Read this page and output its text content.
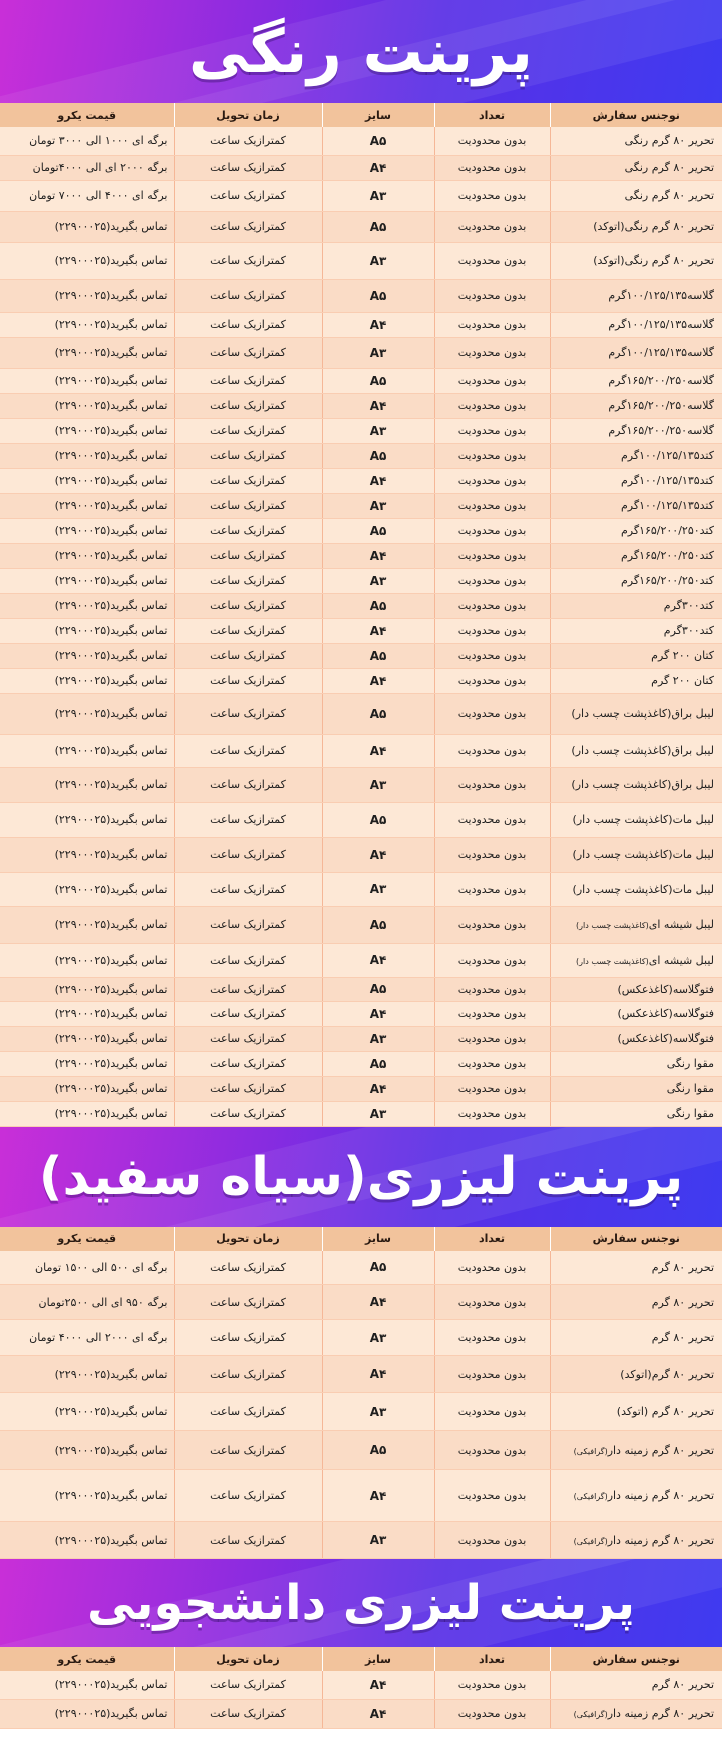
پرینت رنگی
نوجنس سفارش	تعداد	سایز	زمان تحویل	قیمت یکرو
تحریر ۸۰ گرم رنگی	بدون محدودیت	A۵	کمترازیک ساعت	برگه ای ۱۰۰۰ الی ۳۰۰۰ تومان
تحریر ۸۰ گرم رنگی	بدون محدودیت	A۴	کمترازیک ساعت	برگه ۲۰۰۰ ای الی ۴۰۰۰تومان
تحریر ۸۰ گرم رنگی	بدون محدودیت	A۳	کمترازیک ساعت	برگه ای ۴۰۰۰ الی ۷۰۰۰ تومان
تحریر ۸۰ گرم رنگی(اتوکد)	بدون محدودیت	A۵	کمترازیک ساعت	تماس بگیرید(۲۲۹۰۰۰۲۵)
تحریر ۸۰ گرم رنگی(اتوکد)	بدون محدودیت	A۳	کمترازیک ساعت	تماس بگیرید(۲۲۹۰۰۰۲۵)
گلاسه۱۰۰/۱۲۵/۱۳۵گرم	بدون محدودیت	A۵	کمترازیک ساعت	تماس بگیرید(۲۲۹۰۰۰۲۵)
گلاسه۱۰۰/۱۲۵/۱۳۵گرم	بدون محدودیت	A۴	کمترازیک ساعت	تماس بگیرید(۲۲۹۰۰۰۲۵)
گلاسه۱۰۰/۱۲۵/۱۳۵گرم	بدون محدودیت	A۳	کمترازیک ساعت	تماس بگیرید(۲۲۹۰۰۰۲۵)
گلاسه۱۶۵/۲۰۰/۲۵۰گرم	بدون محدودیت	A۵	کمترازیک ساعت	تماس بگیرید(۲۲۹۰۰۰۲۵)
گلاسه۱۶۵/۲۰۰/۲۵۰گرم	بدون محدودیت	A۴	کمترازیک ساعت	تماس بگیرید(۲۲۹۰۰۰۲۵)
گلاسه۱۶۵/۲۰۰/۲۵۰گرم	بدون محدودیت	A۳	کمترازیک ساعت	تماس بگیرید(۲۲۹۰۰۰۲۵)
کتد۱۰۰/۱۲۵/۱۳۵گرم	بدون محدودیت	A۵	کمترازیک ساعت	تماس بگیرید(۲۲۹۰۰۰۲۵)
کتد۱۰۰/۱۲۵/۱۳۵گرم	بدون محدودیت	A۴	کمترازیک ساعت	تماس بگیرید(۲۲۹۰۰۰۲۵)
کتد۱۰۰/۱۲۵/۱۳۵گرم	بدون محدودیت	A۳	کمترازیک ساعت	تماس بگیرید(۲۲۹۰۰۰۲۵)
کتد۱۶۵/۲۰۰/۲۵۰گرم	بدون محدودیت	A۵	کمترازیک ساعت	تماس بگیرید(۲۲۹۰۰۰۲۵)
کتد۱۶۵/۲۰۰/۲۵۰گرم	بدون محدودیت	A۴	کمترازیک ساعت	تماس بگیرید(۲۲۹۰۰۰۲۵)
کتد۱۶۵/۲۰۰/۲۵۰گرم	بدون محدودیت	A۳	کمترازیک ساعت	تماس بگیرید(۲۲۹۰۰۰۲۵)
کتد۳۰۰گرم	بدون محدودیت	A۵	کمترازیک ساعت	تماس بگیرید(۲۲۹۰۰۰۲۵)
کتد۳۰۰گرم	بدون محدودیت	A۴	کمترازیک ساعت	تماس بگیرید(۲۲۹۰۰۰۲۵)
کتان ۲۰۰ گرم	بدون محدودیت	A۵	کمترازیک ساعت	تماس بگیرید(۲۲۹۰۰۰۲۵)
کتان ۲۰۰ گرم	بدون محدودیت	A۴	کمترازیک ساعت	تماس بگیرید(۲۲۹۰۰۰۲۵)
لیبل براق(کاغذپشت چسب دار)	بدون محدودیت	A۵	کمترازیک ساعت	تماس بگیرید(۲۲۹۰۰۰۲۵)
لیبل براق(کاغذپشت چسب دار)	بدون محدودیت	A۴	کمترازیک ساعت	تماس بگیرید(۲۲۹۰۰۰۲۵)
لیبل براق(کاغذپشت چسب دار)	بدون محدودیت	A۳	کمترازیک ساعت	تماس بگیرید(۲۲۹۰۰۰۲۵)
لیبل مات(کاغذپشت چسب دار)	بدون محدودیت	A۵	کمترازیک ساعت	تماس بگیرید(۲۲۹۰۰۰۲۵)
لیبل مات(کاغذپشت چسب دار)	بدون محدودیت	A۴	کمترازیک ساعت	تماس بگیرید(۲۲۹۰۰۰۲۵)
لیبل مات(کاغذپشت چسب دار)	بدون محدودیت	A۳	کمترازیک ساعت	تماس بگیرید(۲۲۹۰۰۰۲۵)
لیبل شیشه ای(کاغذپشت چسب دار)	بدون محدودیت	A۵	کمترازیک ساعت	تماس بگیرید(۲۲۹۰۰۰۲۵)
لیبل شیشه ای(کاغذپشت چسب دار)	بدون محدودیت	A۴	کمترازیک ساعت	تماس بگیرید(۲۲۹۰۰۰۲۵)
فتوگلاسه(کاغذعکس)	بدون محدودیت	A۵	کمترازیک ساعت	تماس بگیرید(۲۲۹۰۰۰۲۵)
فتوگلاسه(کاغذعکس)	بدون محدودیت	A۴	کمترازیک ساعت	تماس بگیرید(۲۲۹۰۰۰۲۵)
فتوگلاسه(کاغذعکس)	بدون محدودیت	A۳	کمترازیک ساعت	تماس بگیرید(۲۲۹۰۰۰۲۵)
مقوا رنگی	بدون محدودیت	A۵	کمترازیک ساعت	تماس بگیرید(۲۲۹۰۰۰۲۵)
مقوا رنگی	بدون محدودیت	A۴	کمترازیک ساعت	تماس بگیرید(۲۲۹۰۰۰۲۵)
مقوا رنگی	بدون محدودیت	A۳	کمترازیک ساعت	تماس بگیرید(۲۲۹۰۰۰۲۵)
پرینت لیزری(سیاه سفید)
نوجنس سفارش	تعداد	سایز	زمان تحویل	قیمت یکرو
تحریر ۸۰ گرم	بدون محدودیت	A۵	کمترازیک ساعت	برگه ای ۵۰۰ الی ۱۵۰۰ تومان
تحریر ۸۰ گرم	بدون محدودیت	A۴	کمترازیک ساعت	برگه ۹۵۰ ای الی ۲۵۰۰تومان
تحریر ۸۰ گرم	بدون محدودیت	A۳	کمترازیک ساعت	برگه ای ۲۰۰۰ الی ۴۰۰۰ تومان
تحریر ۸۰ گرم(اتوکد)	بدون محدودیت	A۴	کمترازیک ساعت	تماس بگیرید(۲۲۹۰۰۰۲۵)
تحریر ۸۰ گرم (اتوکد)	بدون محدودیت	A۳	کمترازیک ساعت	تماس بگیرید(۲۲۹۰۰۰۲۵)
تحریر ۸۰ گرم زمینه دار(گرافیکی)	بدون محدودیت	A۵	کمترازیک ساعت	تماس بگیرید(۲۲۹۰۰۰۲۵)
تحریر ۸۰ گرم زمینه دار(گرافیکی)	بدون محدودیت	A۴	کمترازیک ساعت	تماس بگیرید(۲۲۹۰۰۰۲۵)
تحریر ۸۰ گرم زمینه دار(گرافیکی)	بدون محدودیت	A۳	کمترازیک ساعت	تماس بگیرید(۲۲۹۰۰۰۲۵)
پرینت لیزری دانشجویی
نوجنس سفارش	تعداد	سایز	زمان تحویل	قیمت یکرو
تحریر ۸۰ گرم	بدون محدودیت	A۴	کمترازیک ساعت	تماس بگیرید(۲۲۹۰۰۰۲۵)
تحریر ۸۰ گرم زمینه دار(گرافیکی)	بدون محدودیت	A۴	کمترازیک ساعت	تماس بگیرید(۲۲۹۰۰۰۲۵)
